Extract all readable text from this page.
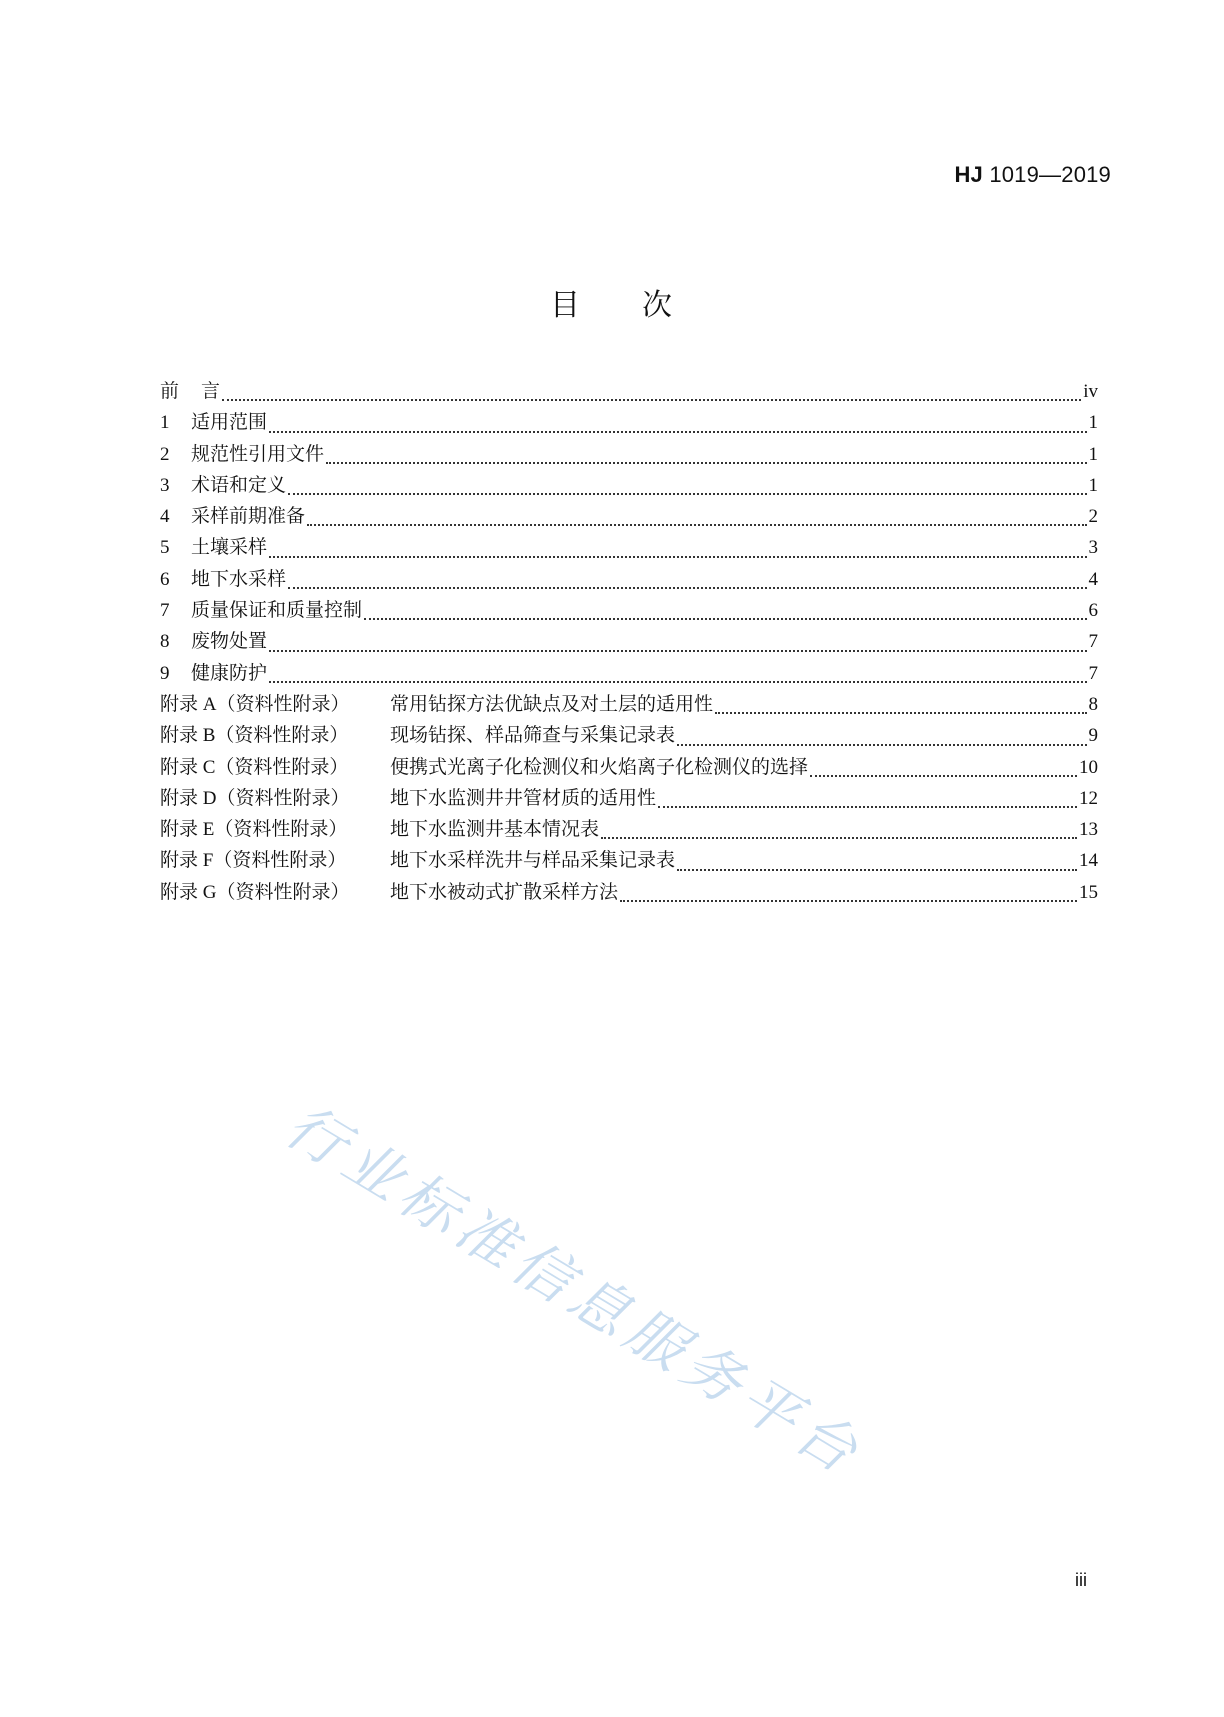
HJ 1019—2019
目 次
前 言	iv
1	适用范围	1
2	规范性引用文件	1
3	术语和定义	1
4	采样前期准备	2
5	土壤采样	3
6	地下水采样	4
7	质量保证和质量控制	6
8	废物处置	7
9	健康防护	7
附录 A（资料性附录）	常用钻探方法优缺点及对土层的适用性	8
附录 B（资料性附录）	现场钻探、样品筛查与采集记录表	9
附录 C（资料性附录）	便携式光离子化检测仪和火焰离子化检测仪的选择	10
附录 D（资料性附录）	地下水监测井井管材质的适用性	12
附录 E（资料性附录）	地下水监测井基本情况表	13
附录 F（资料性附录）	地下水采样洗井与样品采集记录表	14
附录 G（资料性附录）	地下水被动式扩散采样方法	15
行业标准信息服务平台
iii
